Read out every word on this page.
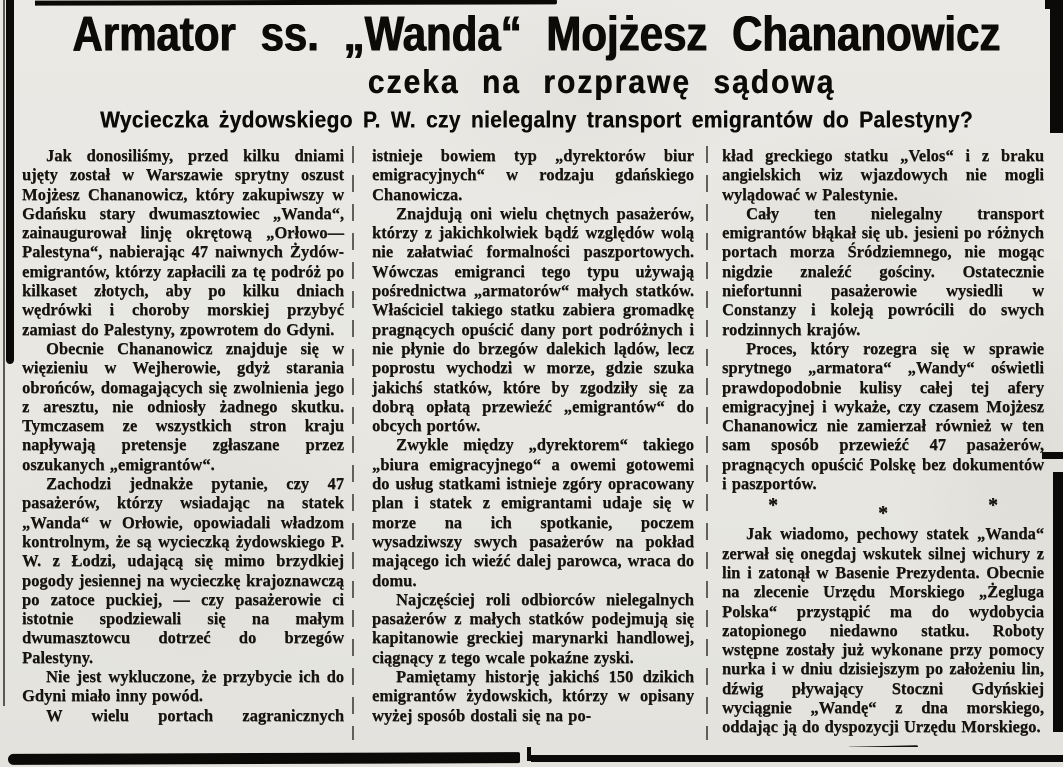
Armator ss. „Wanda“ Mojżesz Chananowicz
czeka na rozprawę sądową
Wycieczka żydowskiego P. W. czy nielegalny transport emigrantów do Palestyny?

Jak donosiliśmy, przed kilku dniami ujęty został w Warszawie sprytny oszust Mojżesz Chananowicz, który zakupiwszy w Gdańsku stary dwumasztowiec „Wanda“, zainaugurował linję okrętową „Orłowo—Palestyna“, nabierając 47 naiwnych Żydów-emigrantów, którzy zapłacili za tę podróż po kilkaset złotych, aby po kilku dniach wędrówki i choroby morskiej przybyć zamiast do Palestyny, zpowrotem do Gdyni.

Obecnie Chananowicz znajduje się w więzieniu w Wejherowie, gdyż starania obrońców, domagających się zwolnienia jego z aresztu, nie odniosły żadnego skutku. Tymczasem ze wszystkich stron kraju napływają pretensje zgłaszane przez oszukanych „emigrantów“.

Zachodzi jednakże pytanie, czy 47 pasażerów, którzy wsiadając na statek „Wanda“ w Orłowie, opowiadali władzom kontrolnym, że są wycieczką żydowskiego P. W. z Łodzi, udającą się mimo brzydkiej pogody jesiennej na wycieczkę krajoznawczą po zatoce puckiej, — czy pasażerowie ci istotnie spodziewali się na małym dwumasztowcu dotrzeć do brzegów Palestyny.

Nie jest wykluczone, że przybycie ich do Gdyni miało inny powód.

W wielu portach zagranicznych

istnieje bowiem typ „dyrektorów biur emigracyjnych“ w rodzaju gdańskiego Chanowicza.

Znajdują oni wielu chętnych pasażerów, którzy z jakichkolwiek bądź względów wolą nie załatwiać formalności paszportowych. Wówczas emigranci tego typu używają pośrednictwa „armatorów“ małych statków. Właściciel takiego statku zabiera gromadkę pragnących opuścić dany port podróżnych i nie płynie do brzegów dalekich lądów, lecz poprostu wychodzi w morze, gdzie szuka jakichś statków, które by zgodziły się za dobrą opłatą przewieźć „emigrantów“ do obcych portów.

Zwykle między „dyrektorem“ takiego „biura emigracyjnego“ a owemi gotowemi do usług statkami istnieje zgóry opracowany plan i statek z emigrantami udaje się w morze na ich spotkanie, poczem wysadziwszy swych pasażerów na pokład mającego ich wieźć dalej parowca, wraca do domu.

Najczęściej roli odbiorców nielegalnych pasażerów z małych statków podejmują się kapitanowie greckiej marynarki handlowej, ciągnący z tego wcale pokaźne zyski.

Pamiętamy historję jakichś 150 dzikich emigrantów żydowskich, którzy w opisany wyżej sposób dostali się na po-

kład greckiego statku „Velos“ i z braku angielskich wiz wjazdowych nie mogli wylądować w Palestynie.

Cały ten nielegalny transport emigrantów błąkał się ub. jesieni po różnych portach morza Śródziemnego, nie mogąc nigdzie znaleźć gościny. Ostatecznie niefortunni pasażerowie wysiedli w Constanzy i koleją powrócili do swych rodzinnych krajów.

Proces, który rozegra się w sprawie sprytnego „armatora“ „Wandy“ oświetli prawdopodobnie kulisy całej tej afery emigracyjnej i wykaże, czy czasem Mojżesz Chananowicz nie zamierzał również w ten sam sposób przewieźć 47 pasażerów, pragnących opuścić Polskę bez dokumentów i paszportów.

*	*	*

Jak wiadomo, pechowy statek „Wanda“ zerwał się onegdaj wskutek silnej wichury z lin i zatonął w Basenie Prezydenta. Obecnie na zlecenie Urzędu Morskiego „Żegluga Polska“ przystąpić ma do wydobycia zatopionego niedawno statku. Roboty wstępne zostały już wykonane przy pomocy nurka i w dniu dzisiejszym po założeniu lin, dźwig pływający Stoczni Gdyńskiej wyciągnie „Wandę“ z dna morskiego, oddając ją do dyspozycji Urzędu Morskiego.
